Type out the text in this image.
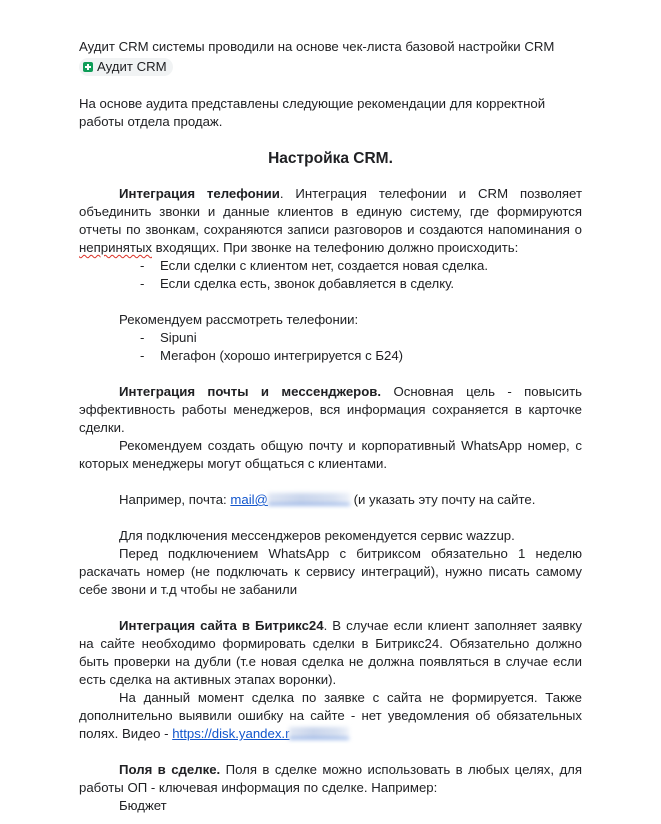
Аудит CRM системы проводили на основе чек-листа базовой настройки CRM
Аудит CRM
На основе аудита представлены следующие рекомендации для корректной
работы отдела продаж.
Настройка CRM.
Интеграция телефонии. Интеграция телефонии и CRM позволяет
объединить звонки и данные клиентов в единую систему, где формируются
отчеты по звонкам, сохраняются записи разговоров и создаются напоминания о
непринятых входящих. При звонке на телефонию должно происходить:
- Если сделки с клиентом нет, создается новая сделка.
- Если сделка есть, звонок добавляется в сделку.
Рекомендуем рассмотреть телефонии:
- Sipuni
- Мегафон (хорошо интегрируется с Б24)
Интеграция почты и мессенджеров. Основная цель - повысить
эффективность работы менеджеров, вся информация сохраняется в карточке
сделки.
Рекомендуем создать общую почту и корпоративный WhatsApp номер, с
которых менеджеры могут общаться с клиентами.
Например, почта: mail@	(и указать эту почту на сайте.
Для подключения мессенджеров рекомендуется сервис wazzup.
Перед подключением WhatsApp с битриксом обязательно 1 неделю
раскачать номер (не подключать к сервису интеграций), нужно писать самому
себе звони и т.д чтобы не забанили
Интеграция сайта в Битрикс24. В случае если клиент заполняет заявку
на сайте необходимо формировать сделки в Битрикс24. Обязательно должно
быть проверки на дубли (т.е новая сделка не должна появляться в случае если
есть сделка на активных этапах воронки).
На данный момент сделка по заявке с сайта не формируется. Также
дополнительно выявили ошибку на сайте - нет уведомления об обязательных
полях. Видео - https://disk.yandex.r
Поля в сделке. Поля в сделке можно использовать в любых целях, для
работы ОП - ключевая информация по сделке. Например:
Бюджет
